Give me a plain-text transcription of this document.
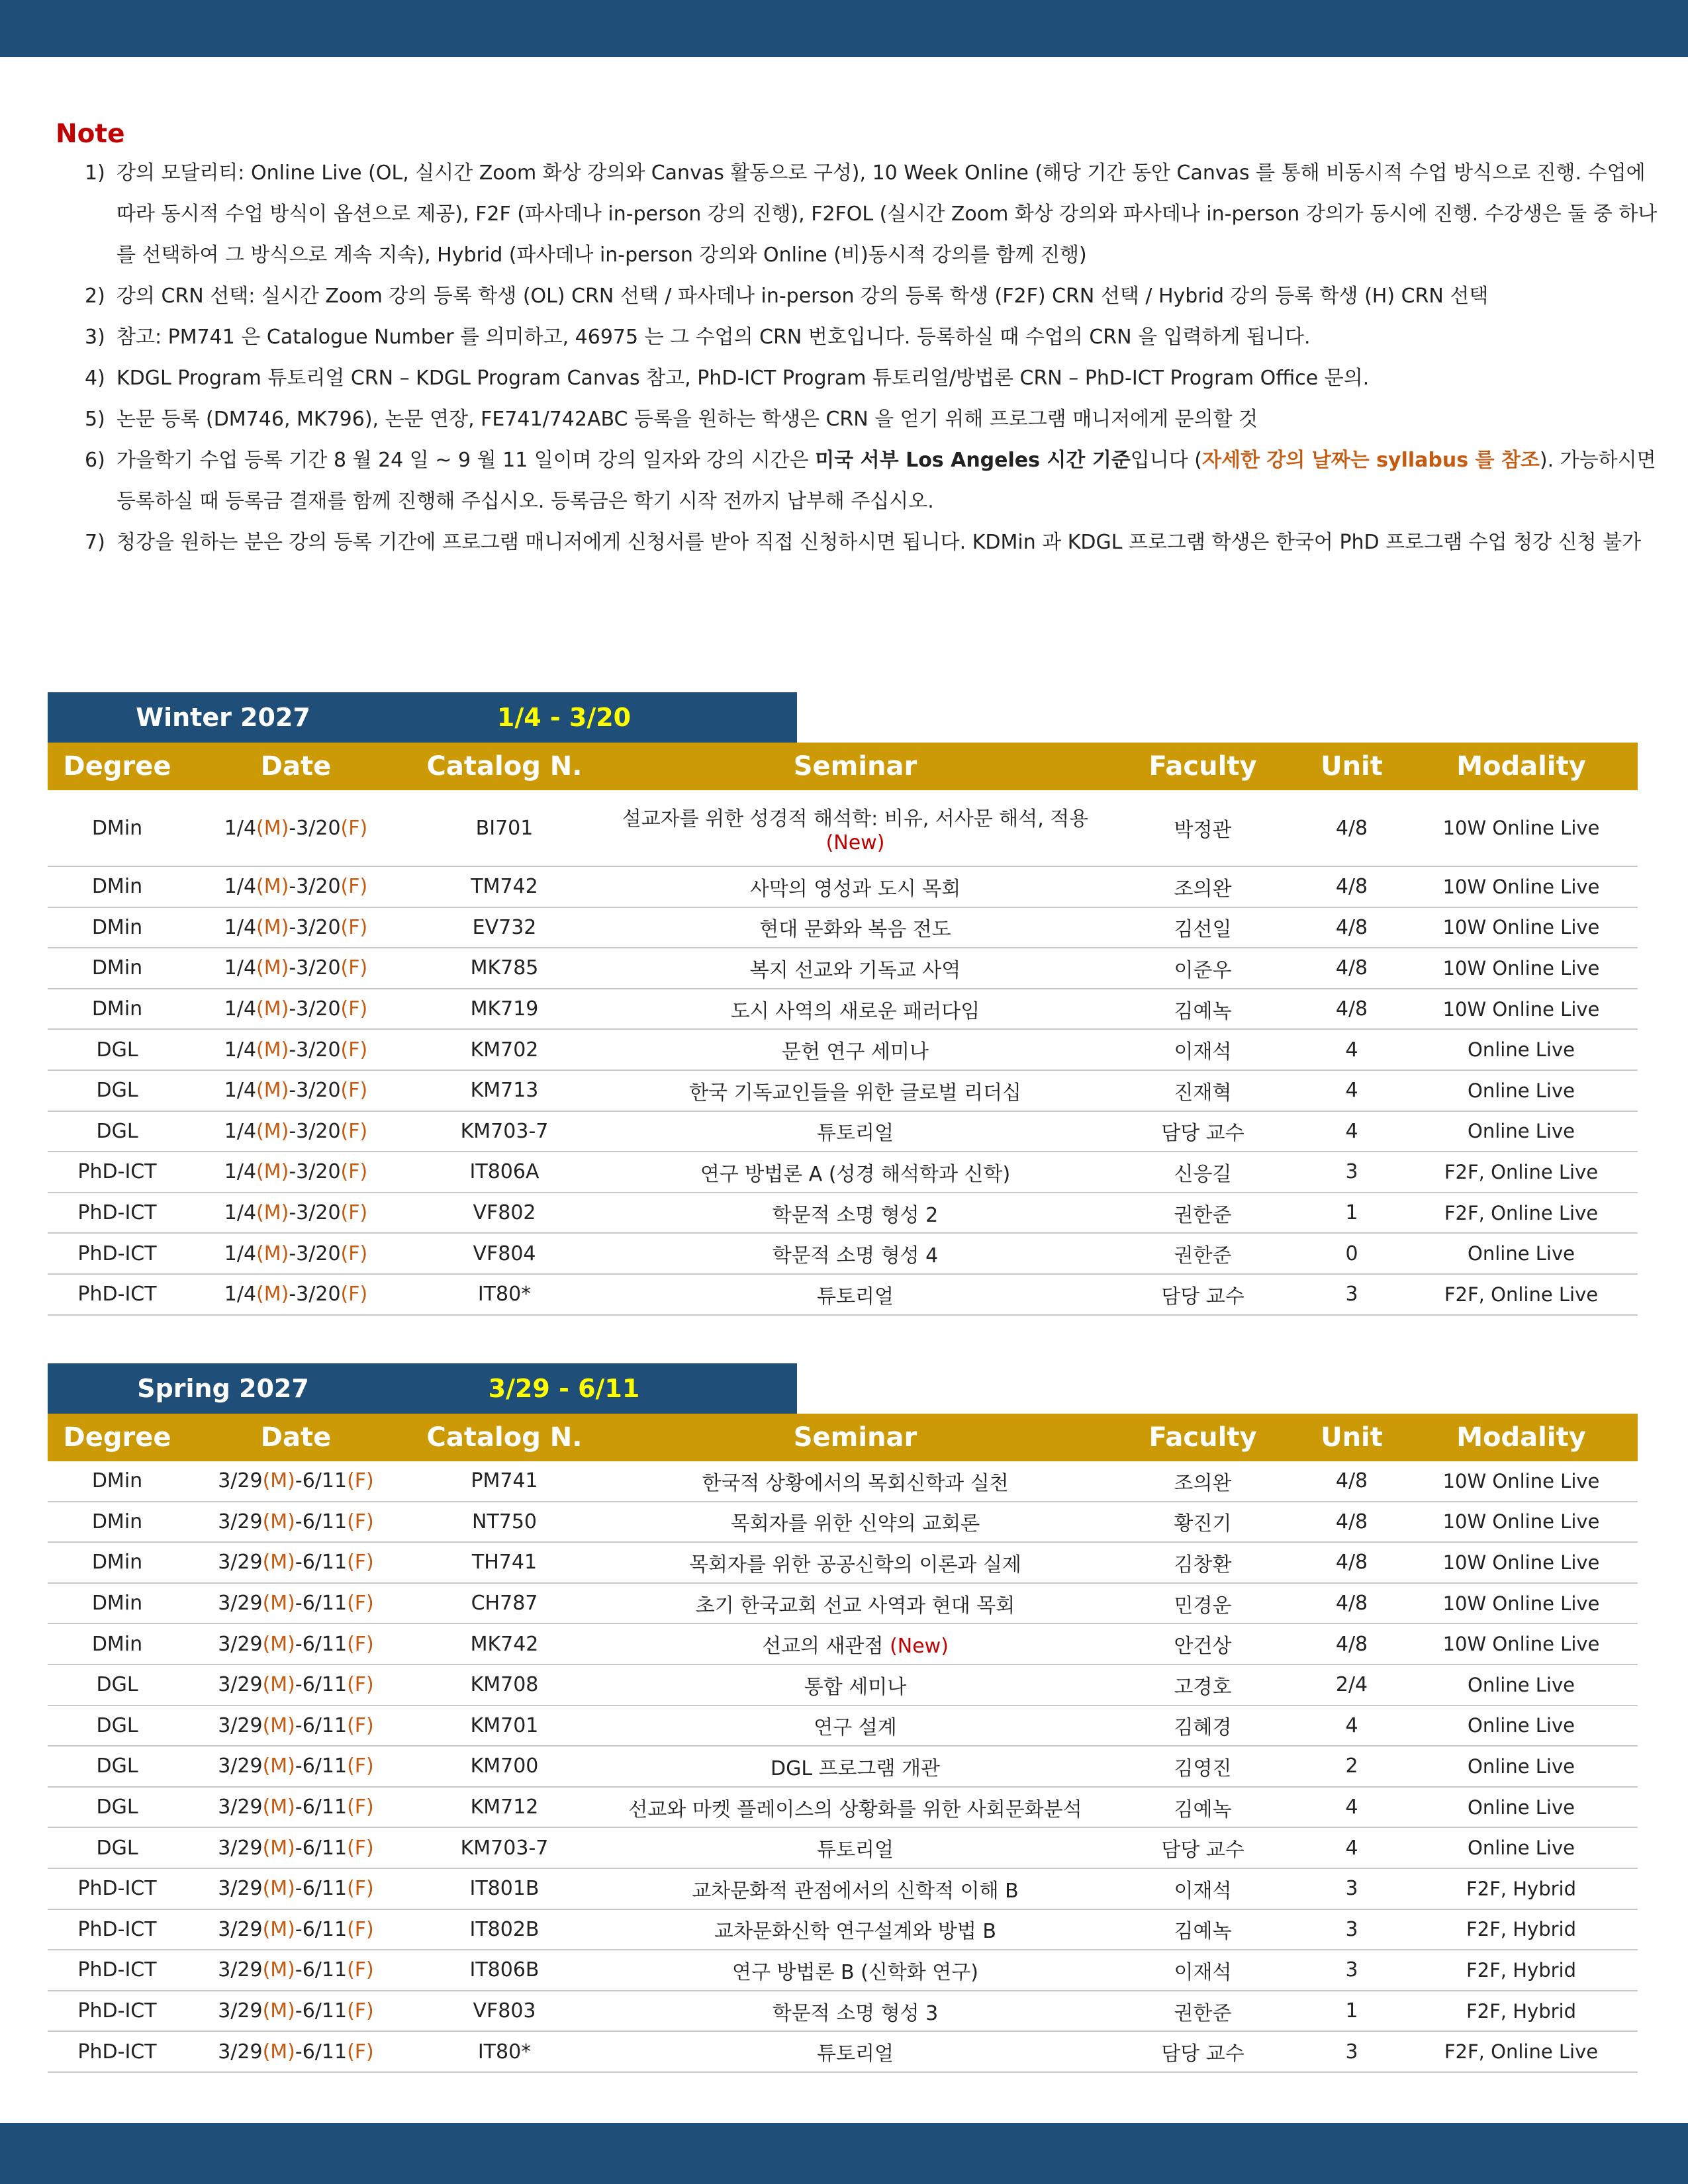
Note
1) 강의 모달리티: Online Live (OL, 실시간 Zoom 화상 강의와 Canvas 활동으로 구성), 10 Week Online (해당 기간 동안 Canvas 를 통해 비동시적 수업 방식으로 진행. 수업에 따라 동시적 수업 방식이 옵션으로 제공), F2F (파사데나 in-person 강의 진행), F2FOL (실시간 Zoom 화상 강의와 파사데나 in-person 강의가 동시에 진행. 수강생은 둘 중 하나를 선택하여 그 방식으로 계속 지속), Hybrid (파사데나 in-person 강의와 Online (비)동시적 강의를 함께 진행)
2) 강의 CRN 선택: 실시간 Zoom 강의 등록 학생 (OL) CRN 선택 / 파사데나 in-person 강의 등록 학생 (F2F) CRN 선택 / Hybrid 강의 등록 학생 (H) CRN 선택
3) 참고: PM741 은 Catalogue Number 를 의미하고, 46975 는 그 수업의 CRN 번호입니다. 등록하실 때 수업의 CRN 을 입력하게 됩니다.
4) KDGL Program 튜토리얼 CRN – KDGL Program Canvas 참고, PhD-ICT Program 튜토리얼/방법론 CRN – PhD-ICT Program Office 문의.
5) 논문 등록 (DM746, MK796), 논문 연장, FE741/742ABC 등록을 원하는 학생은 CRN 을 얻기 위해 프로그램 매니저에게 문의할 것
6) 가을학기 수업 등록 기간 8 월 24 일 ~ 9 월 11 일이며 강의 일자와 강의 시간은 미국 서부 Los Angeles 시간 기준입니다 (자세한 강의 날짜는 syllabus 를 참조). 가능하시면 등록하실 때 등록금 결재를 함께 진행해 주십시오. 등록금은 학기 시작 전까지 납부해 주십시오.
7) 청강을 원하는 분은 강의 등록 기간에 프로그램 매니저에게 신청서를 받아 직접 신청하시면 됩니다. KDMin 과 KDGL 프로그램 학생은 한국어 PhD 프로그램 수업 청강 신청 불가
Winter 2027	1/4 - 3/20
Degree	Date	Catalog N.	Seminar	Faculty	Unit	Modality
DMin	1/4(M)-3/20(F)	BI701	설교자를 위한 성경적 해석학: 비유, 서사문 해석, 적용 (New)	박정관	4/8	10W Online Live
DMin	1/4(M)-3/20(F)	TM742	사막의 영성과 도시 목회	조의완	4/8	10W Online Live
DMin	1/4(M)-3/20(F)	EV732	현대 문화와 복음 전도	김선일	4/8	10W Online Live
DMin	1/4(M)-3/20(F)	MK785	복지 선교와 기독교 사역	이준우	4/8	10W Online Live
DMin	1/4(M)-3/20(F)	MK719	도시 사역의 새로운 패러다임	김예녹	4/8	10W Online Live
DGL	1/4(M)-3/20(F)	KM702	문헌 연구 세미나	이재석	4	Online Live
DGL	1/4(M)-3/20(F)	KM713	한국 기독교인들을 위한 글로벌 리더십	진재혁	4	Online Live
DGL	1/4(M)-3/20(F)	KM703-7	튜토리얼	담당 교수	4	Online Live
PhD-ICT	1/4(M)-3/20(F)	IT806A	연구 방법론 A (성경 해석학과 신학)	신응길	3	F2F, Online Live
PhD-ICT	1/4(M)-3/20(F)	VF802	학문적 소명 형성 2	권한준	1	F2F, Online Live
PhD-ICT	1/4(M)-3/20(F)	VF804	학문적 소명 형성 4	권한준	0	Online Live
PhD-ICT	1/4(M)-3/20(F)	IT80*	튜토리얼	담당 교수	3	F2F, Online Live
Spring 2027	3/29 - 6/11
Degree	Date	Catalog N.	Seminar	Faculty	Unit	Modality
DMin	3/29(M)-6/11(F)	PM741	한국적 상황에서의 목회신학과 실천	조의완	4/8	10W Online Live
DMin	3/29(M)-6/11(F)	NT750	목회자를 위한 신약의 교회론	황진기	4/8	10W Online Live
DMin	3/29(M)-6/11(F)	TH741	목회자를 위한 공공신학의 이론과 실제	김창환	4/8	10W Online Live
DMin	3/29(M)-6/11(F)	CH787	초기 한국교회 선교 사역과 현대 목회	민경운	4/8	10W Online Live
DMin	3/29(M)-6/11(F)	MK742	선교의 새관점 (New)	안건상	4/8	10W Online Live
DGL	3/29(M)-6/11(F)	KM708	통합 세미나	고경호	2/4	Online Live
DGL	3/29(M)-6/11(F)	KM701	연구 설계	김혜경	4	Online Live
DGL	3/29(M)-6/11(F)	KM700	DGL 프로그램 개관	김영진	2	Online Live
DGL	3/29(M)-6/11(F)	KM712	선교와 마켓 플레이스의 상황화를 위한 사회문화분석	김예녹	4	Online Live
DGL	3/29(M)-6/11(F)	KM703-7	튜토리얼	담당 교수	4	Online Live
PhD-ICT	3/29(M)-6/11(F)	IT801B	교차문화적 관점에서의 신학적 이해 B	이재석	3	F2F, Hybrid
PhD-ICT	3/29(M)-6/11(F)	IT802B	교차문화신학 연구설계와 방법 B	김예녹	3	F2F, Hybrid
PhD-ICT	3/29(M)-6/11(F)	IT806B	연구 방법론 B (신학화 연구)	이재석	3	F2F, Hybrid
PhD-ICT	3/29(M)-6/11(F)	VF803	학문적 소명 형성 3	권한준	1	F2F, Hybrid
PhD-ICT	3/29(M)-6/11(F)	IT80*	튜토리얼	담당 교수	3	F2F, Online Live
